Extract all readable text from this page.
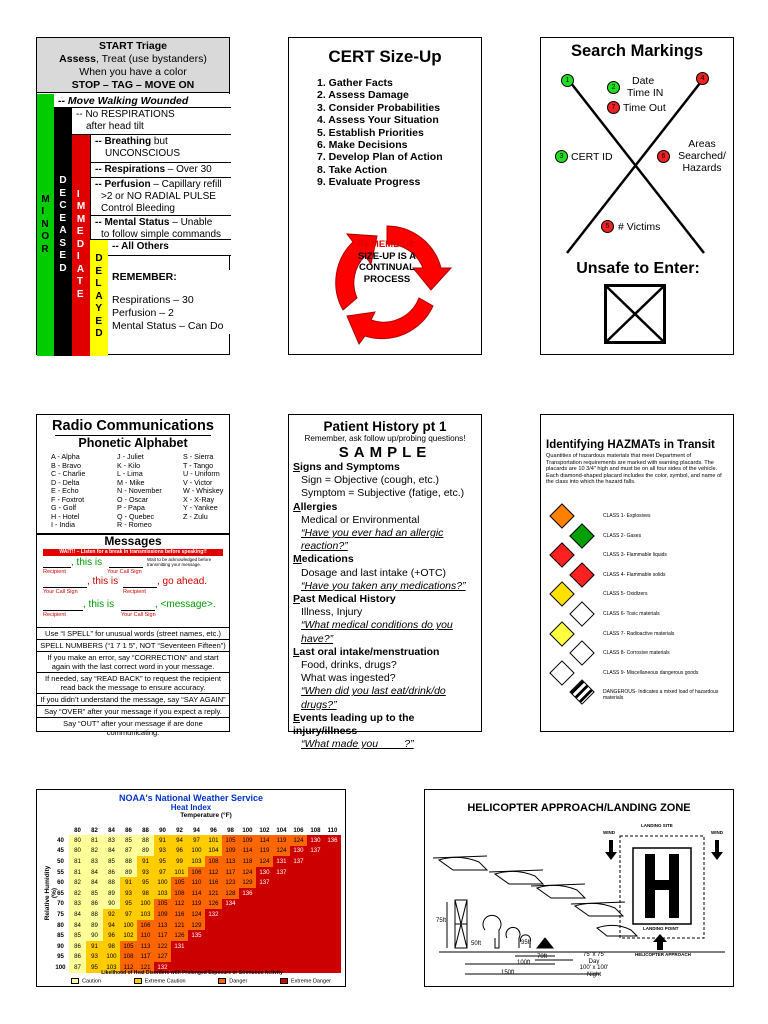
START Triage
Assess, Treat (use bystanders)
When you have a color
STOP – TAG – MOVE ON
M
I
N
O
R
D
E
C
E
A
S
E
D
I
M
M
E
D
I
A
T
E
D
E
L
A
Y
E
D
-- Move Walking Wounded
-- No RESPIRATIONS
after head tilt
-- Breathing but
UNCONSCIOUS
-- Respirations – Over 30
-- Perfusion – Capillary refill
>2 or NO RADIAL PULSE
Control Bleeding
-- Mental Status – Unable
to follow simple commands
-- All Others
REMEMBER:
Respirations – 30
Perfusion – 2
Mental Status – Can Do
CERT Size-Up
1. Gather Facts
2. Assess Damage
3. Consider Probabilities
4. Assess Your Situation
5. Establish Priorities
6. Make Decisions
7. Develop Plan of Action
8. Take Action
9. Evaluate Progress
REMEMBER:
SIZE-UP IS A
CONTINUAL
PROCESS
Search Markings
1
2
4
7
3	6
5
Date
Time IN
Time Out
CERT ID
Areas
Searched/
Hazards
# Victims
Unsafe to Enter:
Radio Communications
Phonetic Alphabet
A - Alpha	J - Juliet	S - Sierra
B - Bravo	K - Kilo	T - Tango
C - Charlie	L - Lima	U - Uniform
D - Delta	M - Mike	V - Victor
E - Echo	N - November	W - Whiskey
F - Foxtrot	O - Oscar	X - X-Ray
G - Golf	P - Papa	Y - Yankee
H - Hotel	Q - Quebec	Z - Zulu
I - India	R - Romeo
Messages
WAIT!! – Listen for a break in transmissions before speaking!!
, this is	Wait to be acknowledged before transmitting your message.
Recipient	Your Call Sign
, this is	, go ahead.
Your Call Sign	Recipient
, this is	, <message>.
Recipient	Your Call Sign
Use “I SPELL” for unusual words (street names, etc.)
SPELL NUMBERS (“1 7 1 5”, NOT “Seventeen Fifteen”)
If you make an error, say “CORRECTION” and start again with the last correct word in your message.
If needed, say “READ BACK” to request the recipient read back the message to ensure accuracy.
If you didn’t understand the message, say “SAY AGAIN”
Say “OVER” after your message if you expect a reply.
Say “OUT” after your message if are done communicating.
Patient History pt 1
Remember, ask follow up/probing questions!
SAMPLE
Signs and Symptoms
Sign = Objective (cough, etc.)
Symptom = Subjective (fatige, etc.)
Allergies
Medical or Environmental
“Have you ever had an allergic reaction?”
Medications
Dosage and last intake (+OTC)
“Have you taken any medications?”
Past Medical History
Illness, Injury
“What medical conditions do you have?”
Last oral intake/menstruation
Food, drinks, drugs?
What was ingested?
“When did you last eat/drink/do drugs?”
Events leading up to the injury/illness
“What made you ____?”
Identifying HAZMATs in Transit
Quantities of hazardous materials that meet Department of Transportation requirements are marked with warning placards. The placards are 10 3/4" high and must be on all four sides of the vehicle. Each diamond-shaped placard includes the color, symbol, and name of the class into which the hazard falls.
CLASS 1- Explosives
CLASS 2- Gases
CLASS 3- Flammable liquids
CLASS 4- Flammable solids
CLASS 5- Oxidizers
CLASS 6- Toxic materials
CLASS 7- Radioactive materials
CLASS 8- Corrosive materials
CLASS 9- Miscellaneous dangerous goods
DANGEROUS- Indicates a mixed load of hazardous materials
NOAA's National Weather Service
Heat Index
Temperature (°F)
Relative Humidity (%)
	80	82	84	86	88	90	92	94	96	98	100	102	104	106	108	110
40	80	81	83	85	88	91	94	97	101	105	109	114	119	124	130	136
45	80	82	84	87	89	93	96	100	104	109	114	119	124	130	137	
50	81	83	85	88	91	95	99	103	108	113	118	124	131	137		
55	81	84	86	89	93	97	101	106	112	117	124	130	137			
60	82	84	88	91	95	100	105	110	116	123	129	137				
65	82	85	89	93	98	103	108	114	121	128	136					
70	83	86	90	95	100	105	112	119	126	134						
75	84	88	92	97	103	109	116	124	132							
80	84	89	94	100	106	113	121	129								
85	85	90	96	102	110	117	126	135								
90	86	91	98	105	113	122	131									
95	86	93	100	108	117	127										
100	87	95	103	112	121	132										
Likelihood of Heat Disorders with Prolonged Exposure or Strenuous Activity
Caution	Extreme Caution	Danger	Extreme Danger
HELICOPTER APPROACH/LANDING ZONE
LANDING SITE
WIND	WIND
LANDING POINT
HELICOPTER APPROACH
75ft
50ft	35ft
70ft
100ft
150ft
75' x 75'
Day
100' x 100'
Night
